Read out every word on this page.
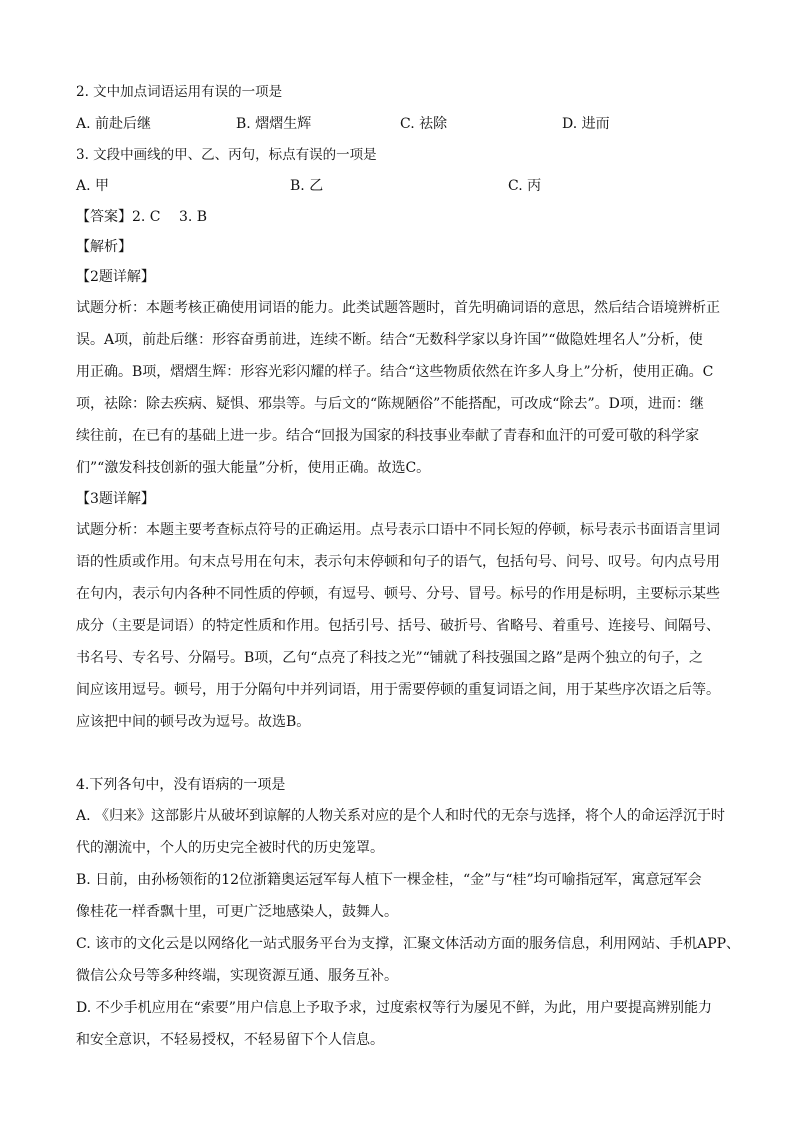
2. 文中加点词语运用有误的一项是
A. 前赴后继	B. 熠熠生辉	C. 祛除	D. 进而
3. 文段中画线的甲、乙、丙句，标点有误的一项是
A. 甲	B. 乙	C. 丙
【答案】2. C　 3. B
【解析】
【2题详解】
试题分析：本题考核正确使用词语的能力。此类试题答题时，首先明确词语的意思，然后结合语境辨析正
误。A项，前赴后继：形容奋勇前进，连续不断。结合“无数科学家以身许国”“做隐姓埋名人”分析，使
用正确。B项，熠熠生辉：形容光彩闪耀的样子。结合“这些物质依然在许多人身上”分析，使用正确。C
项，祛除：除去疾病、疑惧、邪祟等。与后文的“陈规陋俗”不能搭配，可改成“除去”。D项，进而：继
续往前，在已有的基础上进一步。结合“回报为国家的科技事业奉献了青春和血汗的可爱可敬的科学家
们”“激发科技创新的强大能量”分析，使用正确。故选C。
【3题详解】
试题分析：本题主要考查标点符号的正确运用。点号表示口语中不同长短的停顿，标号表示书面语言里词
语的性质或作用。句末点号用在句末，表示句末停顿和句子的语气，包括句号、问号、叹号。句内点号用
在句内，表示句内各种不同性质的停顿，有逗号、顿号、分号、冒号。标号的作用是标明，主要标示某些
成分（主要是词语）的特定性质和作用。包括引号、括号、破折号、省略号、着重号、连接号、间隔号、
书名号、专名号、分隔号。B项，乙句“点亮了科技之光”“铺就了科技强国之路”是两个独立的句子，之
间应该用逗号。顿号，用于分隔句中并列词语，用于需要停顿的重复词语之间，用于某些序次语之后等。
应该把中间的顿号改为逗号。故选B。
4.下列各句中，没有语病的一项是
A. 《归来》这部影片从破坏到谅解的人物关系对应的是个人和时代的无奈与选择，将个人的命运浮沉于时
代的潮流中，个人的历史完全被时代的历史笼罩。
B. 日前，由孙杨领衔的12位浙籍奥运冠军每人植下一棵金桂，“金”与“桂”均可喻指冠军，寓意冠军会
像桂花一样香飘十里，可更广泛地感染人，鼓舞人。
C. 该市的文化云是以网络化一站式服务平台为支撑，汇聚文体活动方面的服务信息，利用网站、手机APP、
微信公众号等多种终端，实现资源互通、服务互补。
D. 不少手机应用在“索要”用户信息上予取予求，过度索权等行为屡见不鲜，为此，用户要提高辨别能力
和安全意识，不轻易授权，不轻易留下个人信息。
